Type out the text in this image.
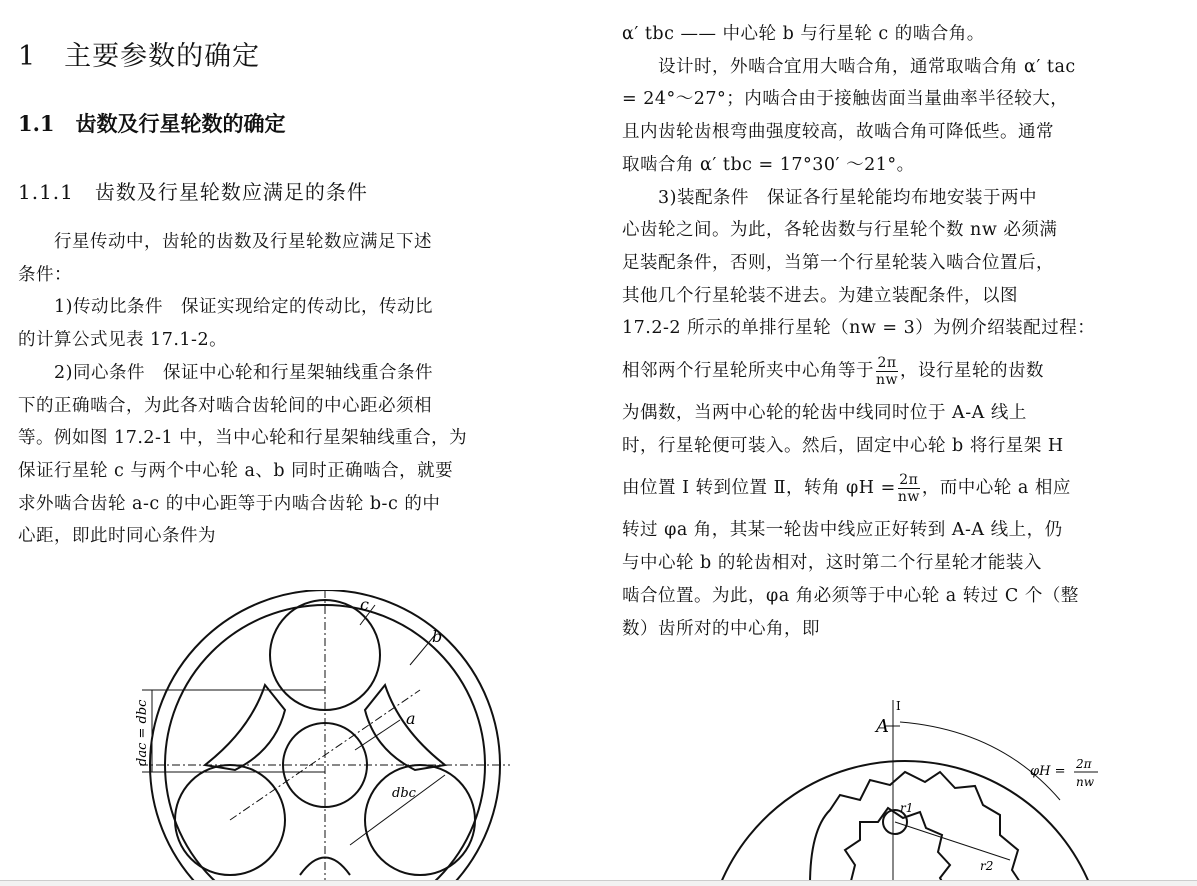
1　主要参数的确定
1.1　齿数及行星轮数的确定
1.1.1　齿数及行星轮数应满足的条件

　　行星传动中，齿轮的齿数及行星轮数应满足下述

条件：

　　1)传动比条件　保证实现给定的传动比，传动比

的计算公式见表 17.1-2。

　　2)同心条件　保证中心轮和行星架轴线重合条件

下的正确啮合，为此各对啮合齿轮间的中心距必须相

等。例如图 17.2-1 中，当中心轮和行星架轴线重合，为

保证行星轮 c 与两个中心轮 a、b 同时正确啮合，就要

求外啮合齿轮 a-c 的中心距等于内啮合齿轮 b-c 的中

心距，即此时同心条件为

α′ tbc —— 中心轮 b 与行星轮 c 的啮合角。

　　设计时，外啮合宜用大啮合角，通常取啮合角 α′ tac

= 24°～27°；内啮合由于接触齿面当量曲率半径较大，

且内齿轮齿根弯曲强度较高，故啮合角可降低些。通常

取啮合角 α′ tbc = 17°30′ ～21°。

　　3)装配条件　保证各行星轮能均布地安装于两中

心齿轮之间。为此，各轮齿数与行星轮个数 nw 必须满

足装配条件，否则，当第一个行星轮装入啮合位置后，

其他几个行星轮装不进去。为建立装配条件，以图

17.2-2 所示的单排行星轮（nw = 3）为例介绍装配过程：

相邻两个行星轮所夹中心角等于 $\frac{2\pi}{nw}$ ，设行星轮的齿数

为偶数，当两中心轮的轮齿中线同时位于 A-A 线上

时，行星轮便可装入。然后，固定中心轮 b 将行星架 H

由位置 Ⅰ 转到位置 Ⅱ，转角 $\varphi H = \frac{2\pi}{nw}$ ，而中心轮 a 相应

转过 φa 角，其某一轮齿中线应正好转到 A-A 线上，仍

与中心轮 b 的轮齿相对，这时第二个行星轮才能装入

啮合位置。为此，φa 角必须等于中心轮 a 转过 C 个（整

数）齿所对的中心角，即

c
b
a
dbc
dac = dbc	A
I
φH = 2π
nw
r1
r2
